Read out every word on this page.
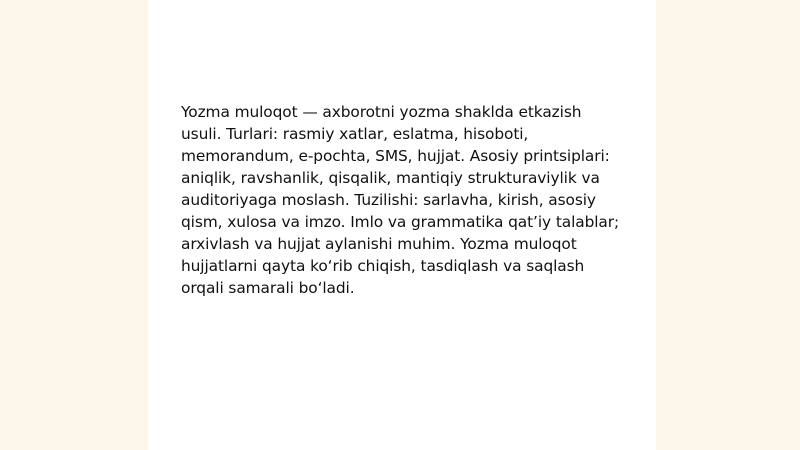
Yozma muloqot — axborotni yozma shaklda etkazish usuli. Turlari: rasmiy xatlar, eslatma, hisoboti, memorandum, e-pochta, SMS, hujjat. Asosiy printsiplari: aniqlik, ravshanlik, qisqalik, mantiqiy strukturaviylik va auditoriyaga moslash. Tuzilishi: sarlavha, kirish, asosiy qism, xulosa va imzo. Imlo va grammatika qat’iy talablar; arxivlash va hujjat aylanishi muhim. Yozma muloqot hujjatlarni qayta ko‘rib chiqish, tasdiqlash va saqlash orqali samarali bo‘ladi.
